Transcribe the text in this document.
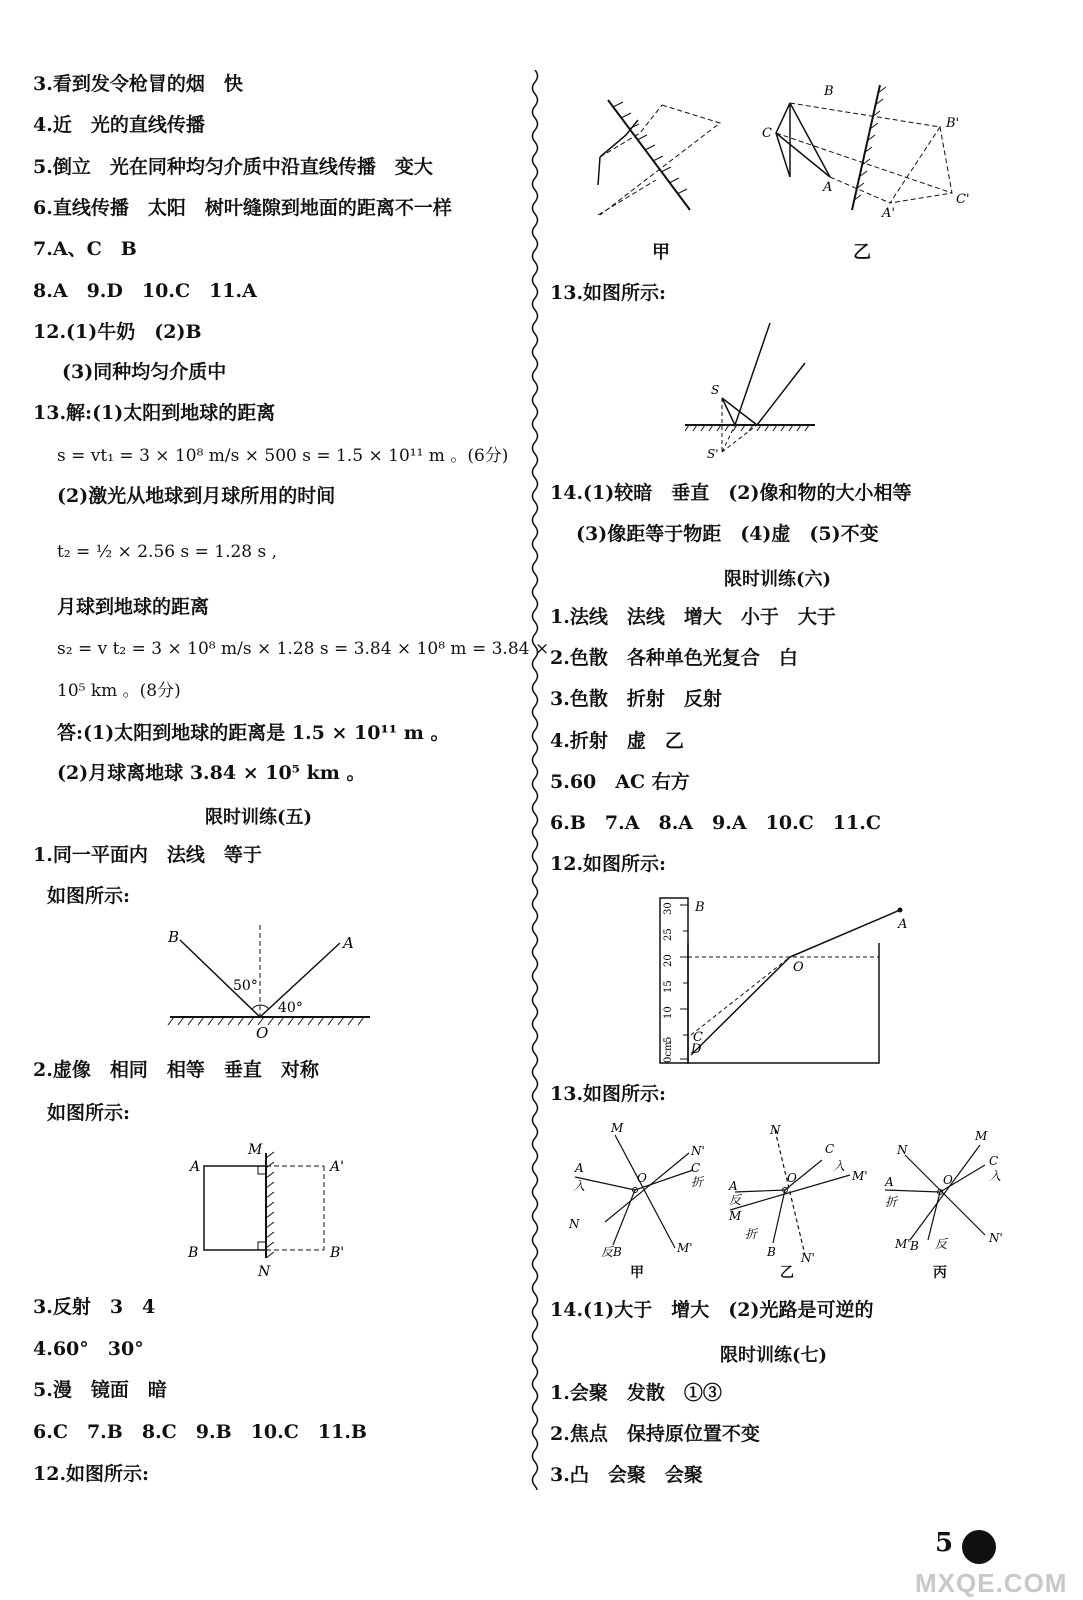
3.看到发令枪冒的烟　快
4.近　光的直线传播
5.倒立　光在同种均匀介质中沿直线传播　变大
6.直线传播　太阳　树叶缝隙到地面的距离不一样
7.A、C　B
8.A　9.D　10.C　11.A
12.(1)牛奶　(2)B
(3)同种均匀介质中
13.解:(1)太阳到地球的距离
s = vt₁ = 3 × 10⁸ m/s × 500 s = 1.5 × 10¹¹ m 。(6分)
(2)激光从地球到月球所用的时间
t₂ = ½ × 2.56 s = 1.28 s ,
月球到地球的距离
s₂ = v t₂ = 3 × 10⁸ m/s × 1.28 s = 3.84 × 10⁸ m = 3.84 ×
10⁵ km 。(8分)
答:(1)太阳到地球的距离是 1.5 × 10¹¹ m 。
(2)月球离地球 3.84 × 10⁵ km 。
限时训练(五)
1.同一平面内　法线　等于
如图所示:
B	A
O
50°
40°
2.虚像　相同　相等　垂直　对称
如图所示:
M
N
A
B
A'
B'
3.反射　3　4
4.60°　30°
5.漫　镜面　暗
6.C　7.B　8.C　9.B　10.C　11.B
12.如图所示:
B
C
A
B'
C'
A'
甲	乙
13.如图所示:
S
S'
14.(1)较暗　垂直　(2)像和物的大小相等
(3)像距等于物距　(4)虚　(5)不变
限时训练(六)
1.法线　法线　增大　小于　大于
2.色散　各种单色光复合　白
3.色散　折射　反射
4.折射　虚　乙
5.60　AC 右方
6.B　7.A　8.A　9.A　10.C　11.C
12.如图所示:
30
25
20
15
10
5
0cm
B
A
O
C
D
13.如图所示:
M
N'
A
O
C
N
M'
反B
入	折
N
C
入
M'
A
反
M
O
折
B N'
N
M
C
入
A
折
O
M' B 反	N'
甲	乙	丙
14.(1)大于　增大　(2)光路是可逆的
限时训练(七)
1.会聚　发散　①③
2.焦点　保持原位置不变
3.凸　会聚　会聚
5
MXQE.COM
